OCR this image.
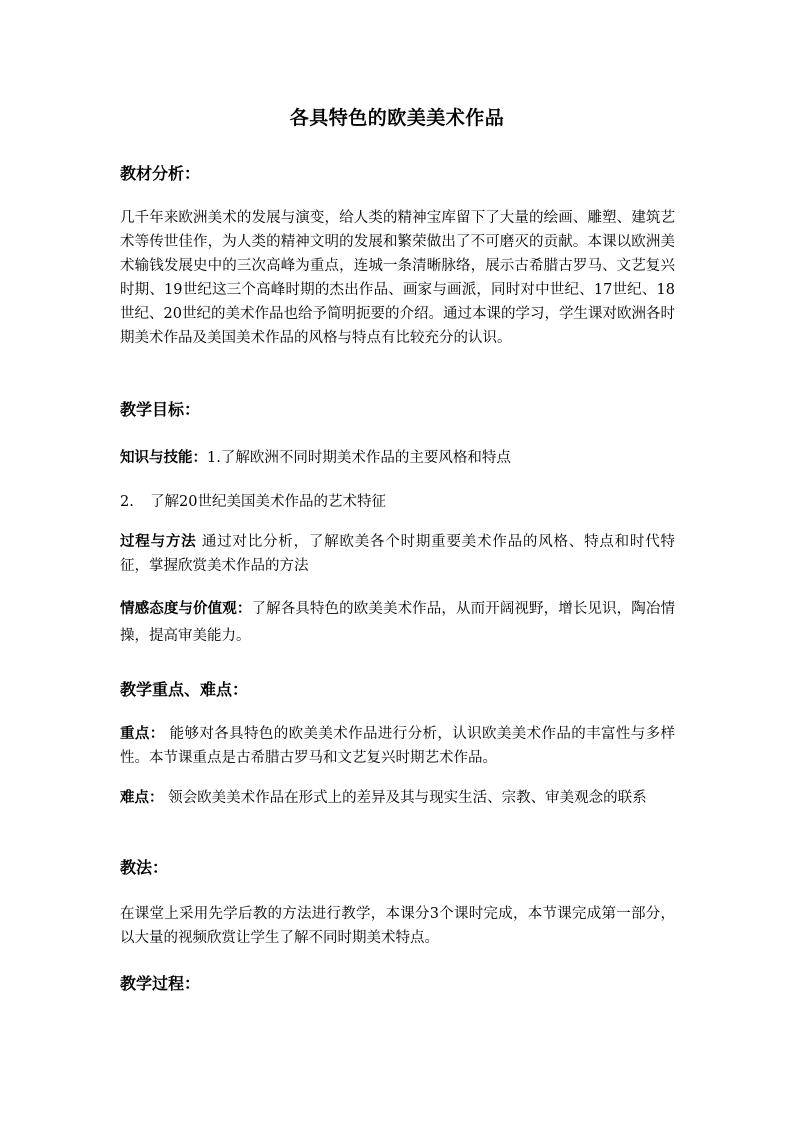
各具特色的欧美美术作品
教材分析：
几千年来欧洲美术的发展与演变，给人类的精神宝库留下了大量的绘画、雕塑、建筑艺术等传世佳作，为人类的精神文明的发展和繁荣做出了不可磨灭的贡献。本课以欧洲美术输钱发展史中的三次高峰为重点，连城一条清晰脉络，展示古希腊古罗马、文艺复兴时期、19世纪这三个高峰时期的杰出作品、画家与画派，同时对中世纪、17世纪、18世纪、20世纪的美术作品也给予简明扼要的介绍。通过本课的学习，学生课对欧洲各时期美术作品及美国美术作品的风格与特点有比较充分的认识。
教学目标：
知识与技能：1.了解欧洲不同时期美术作品的主要风格和特点
2. 了解20世纪美国美术作品的艺术特征
过程与方法 通过对比分析，了解欧美各个时期重要美术作品的风格、特点和时代特征，掌握欣赏美术作品的方法
情感态度与价值观：了解各具特色的欧美美术作品，从而开阔视野，增长见识，陶冶情操，提高审美能力。
教学重点、难点：
重点： 能够对各具特色的欧美美术作品进行分析，认识欧美美术作品的丰富性与多样性。本节课重点是古希腊古罗马和文艺复兴时期艺术作品。
难点： 领会欧美美术作品在形式上的差异及其与现实生活、宗教、审美观念的联系
教法：
在课堂上采用先学后教的方法进行教学，本课分3个课时完成，本节课完成第一部分，以大量的视频欣赏让学生了解不同时期美术特点。
教学过程：
